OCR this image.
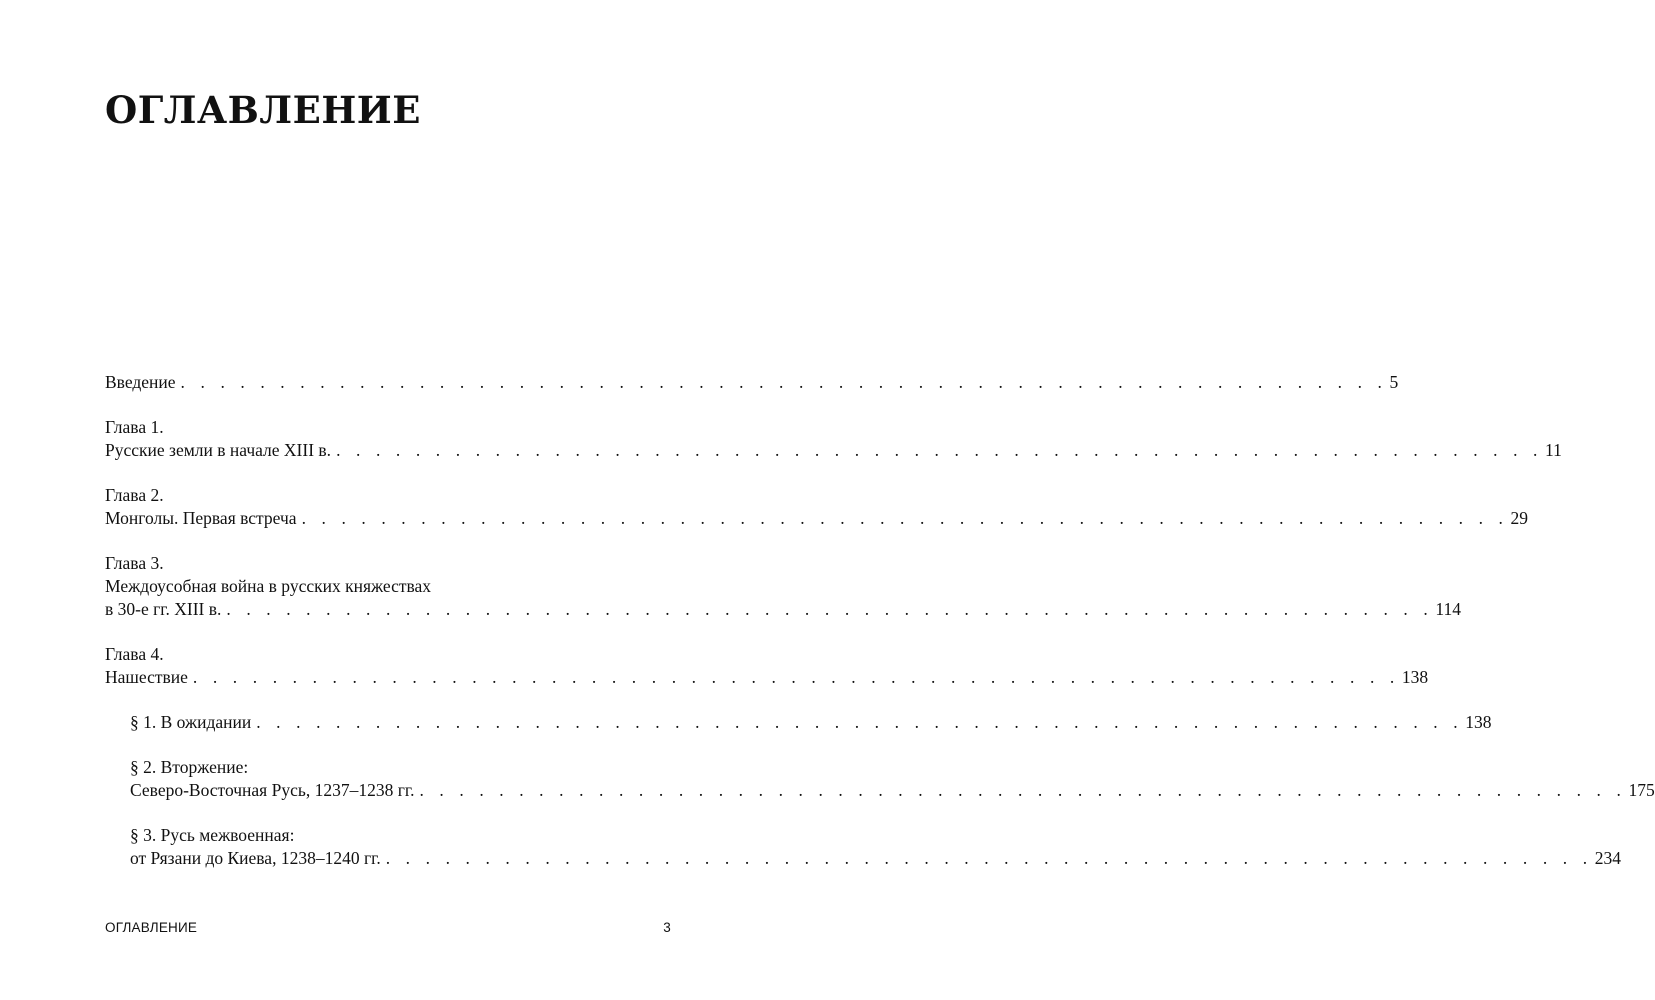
ОГЛАВЛЕНИЕ
Введение . . . . . . . . . . . . . . . . . . . . . . . . . . . . . . . . . . . . . . . . . . . . . . . . . . . . . . . . . . . . . 5
Глава 1.
Русские земли в начале XIII в. . . . . . . . . . . . . . . . . . . . . . . . . . . . . . . . . . . . . . . . . . . . . . . . . . . . . . . . . . . . . . 11
Глава 2.
Монголы. Первая встреча . . . . . . . . . . . . . . . . . . . . . . . . . . . . . . . . . . . . . . . . . . . . . . . . . . . . . . . . . . . . . 29
Глава 3.
Междоусобная война в русских княжествах
в 30-е гг. XIII в. . . . . . . . . . . . . . . . . . . . . . . . . . . . . . . . . . . . . . . . . . . . . . . . . . . . . . . . . . . . . . 114
Глава 4.
Нашествие . . . . . . . . . . . . . . . . . . . . . . . . . . . . . . . . . . . . . . . . . . . . . . . . . . . . . . . . . . . . . 138
§ 1. В ожидании . . . . . . . . . . . . . . . . . . . . . . . . . . . . . . . . . . . . . . . . . . . . . . . . . . . . . . . . . . . . . 138
§ 2. Вторжение:
Северо-Восточная Русь, 1237–1238 гг. . . . . . . . . . . . . . . . . . . . . . . . . . . . . . . . . . . . . . . . . . . . . . . . . . . . . . . . . . . . . . 175
§ 3. Русь межвоенная:
от Рязани до Киева, 1238–1240 гг. . . . . . . . . . . . . . . . . . . . . . . . . . . . . . . . . . . . . . . . . . . . . . . . . . . . . . . . . . . . . . 234
ОГЛАВЛЕНИЕ	3
